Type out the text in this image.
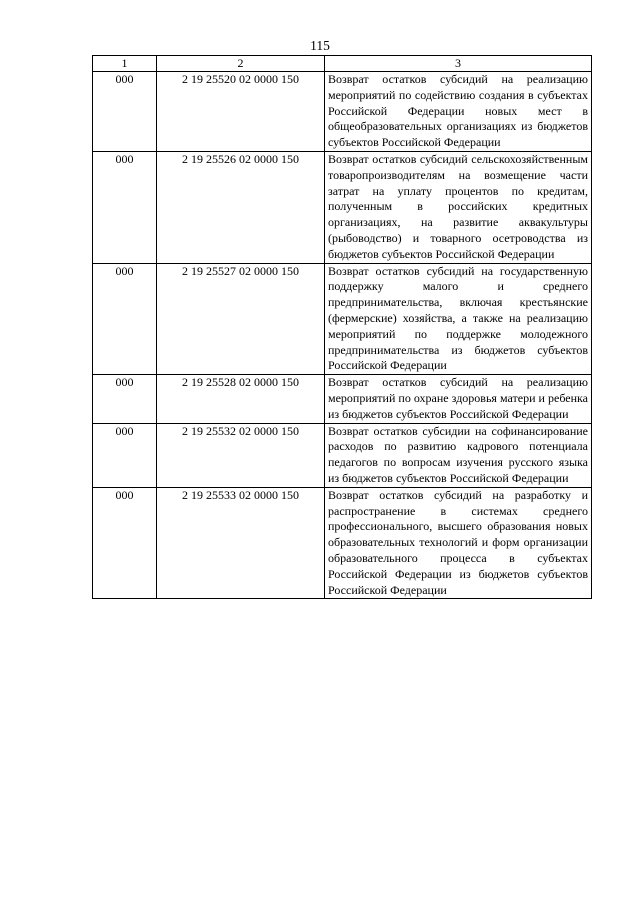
115
1	2	3
000	2 19 25520 02 0000 150	Возврат остатков субсидий на реализацию мероприятий по содействию создания в субъектах Российской Федерации новых мест в общеобразовательных организациях из бюджетов субъектов Российской Федерации
000	2 19 25526 02 0000 150	Возврат остатков субсидий сельскохозяйственным товаропроизводителям на возмещение части затрат на уплату процентов по кредитам, полученным в российских кредитных организациях, на развитие аквакультуры (рыбоводство) и товарного осетроводства из бюджетов субъектов Российской Федерации
000	2 19 25527 02 0000 150	Возврат остатков субсидий на государственную поддержку малого и среднего предпринимательства, включая крестьянские (фермерские) хозяйства, а также на реализацию мероприятий по поддержке молодежного предпринимательства из бюджетов субъектов Российской Федерации
000	2 19 25528 02 0000 150	Возврат остатков субсидий на реализацию мероприятий по охране здоровья матери и ребенка из бюджетов субъектов Российской Федерации
000	2 19 25532 02 0000 150	Возврат остатков субсидии на софинансирование расходов по развитию кадрового потенциала педагогов по вопросам изучения русского языка из бюджетов субъектов Российской Федерации
000	2 19 25533 02 0000 150	Возврат остатков субсидий на разработку и распространение в системах среднего профессионального, высшего образования новых образовательных технологий и форм организации образовательного процесса в субъектах Российской Федерации из бюджетов субъектов Российской Федерации
